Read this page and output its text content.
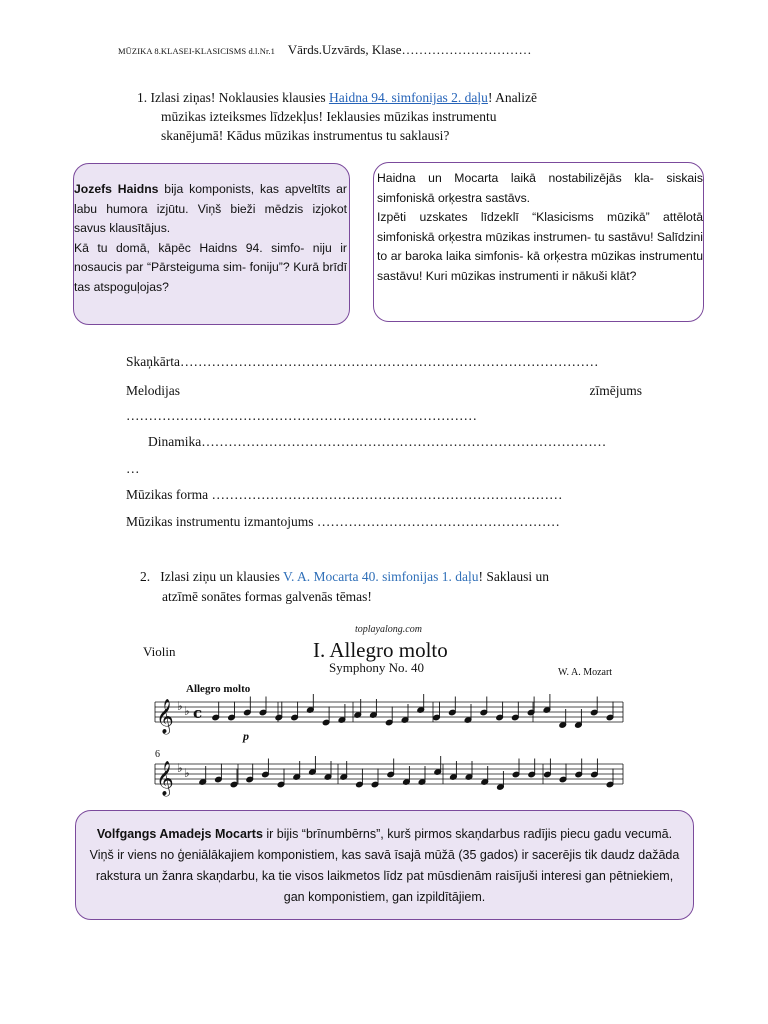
MŪZIKA 8.KLASEI-KLASICISMS d.l.Nr.1 Vārds.Uzvārds, Klase…………………………
1. Izlasi ziņas! Noklausies klausies Haidna 94. simfonijas 2. daļu! Analizē
mūzikas izteiksmes līdzekļus! Ieklausies mūzikas instrumentu
skanējumā! Kādus mūzikas instrumentus tu saklausi?

Jozefs Haidns bija komponists, kas apveltīts ar labu humora izjūtu. Viņš bieži mēdzis izjokot savus klausītājus.

Kā tu domā, kāpēc Haidns 94. simfo- niju ir nosaucis par “Pārsteiguma sim- foniju”? Kurā brīdī tas atspoguļojas?

Haidna un Mocarta laikā nostabilizējās kla- siskais simfoniskā orķestra sastāvs.

Izpēti uzskates līdzeklī “Klasicisms mūzikā” attēlotā simfoniskā orķestra mūzikas instrumen- tu sastāvu! Salīdzini to ar baroka laika simfonis- kā orķestra mūzikas instrumentu sastāvu! Kuri mūzikas instrumenti ir nākuši klāt?

Skaņkārta…………………………………………………………………………………
Melodijas	zīmējums
……………………………………………………………………
Dinamika………………………………………………………………………………
…
Mūzikas forma ……………………………………………………………………
Mūzikas instrumentu izmantojums ………………………………………………
2. Izlasi ziņu un klausies V. A. Mocarta 40. simfonijas 1. daļu! Saklausi un
atzīmē sonātes formas galvenās tēmas!
toplayalong.com
I. Allegro molto
Symphony No. 40
Violin
W. A. Mozart
Allegro molto
p
6
𝄞 ♭ ♭ c
𝄞 ♭ ♭
Volfgangs Amadejs Mocarts ir bijis “brīnumbērns”, kurš pirmos skaņdarbus radījis piecu gadu vecumā. Viņš ir viens no ģeniālākajiem komponistiem, kas savā īsajā mūžā (35 gados) ir sacerējis tik daudz dažāda rakstura un žanra skaņdarbu, ka tie visos laikmetos līdz pat mūsdienām raisījuši interesi gan pētniekiem, gan komponistiem, gan izpildītājiem.
